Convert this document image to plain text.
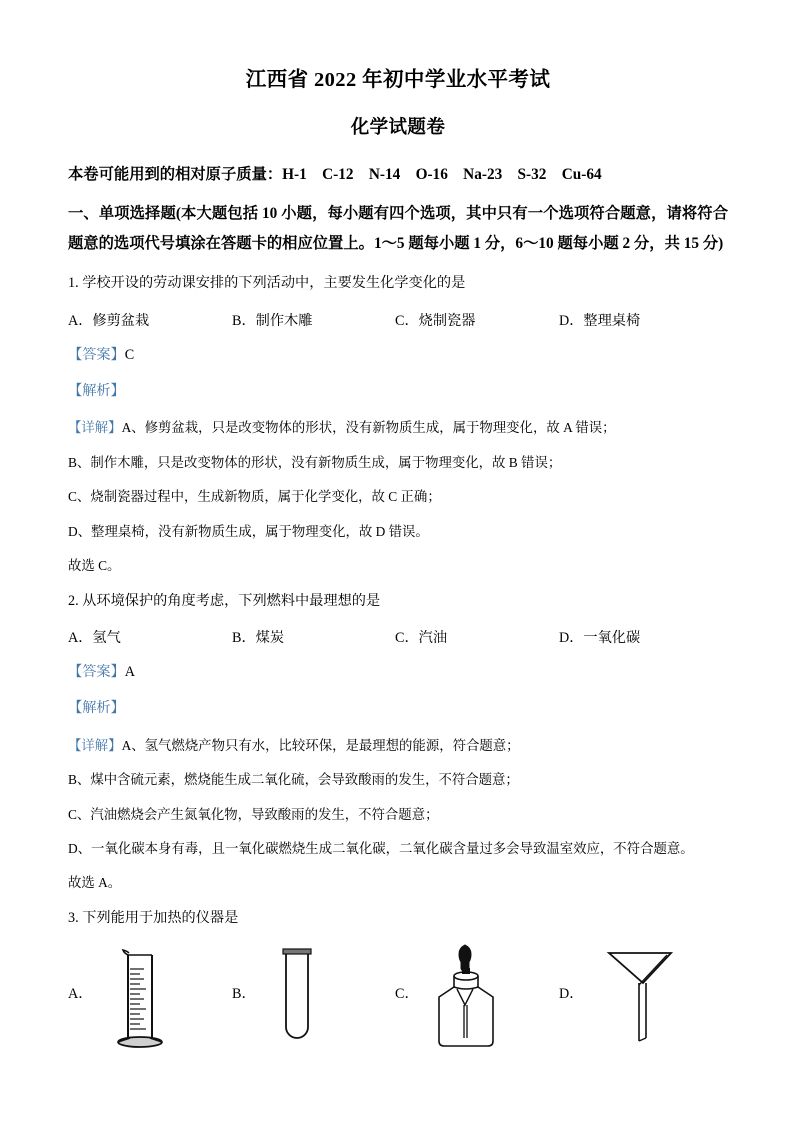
江西省 2022 年初中学业水平考试
化学试题卷

本卷可能用到的相对原子质量：H-1    C-12    N-14    O-16    Na-23    S-32    Cu-64

一、单项选择题(本大题包括 10 小题，每小题有四个选项，其中只有一个选项符合题意，请将符合题意的选项代号填涂在答题卡的相应位置上。1～5 题每小题 1 分，6～10 题每小题 2 分，共 15 分)

1. 学校开设的劳动课安排的下列活动中，主要发生化学变化的是

A．修剪盆栽	B．制作木雕	C．烧制瓷器	D．整理桌椅

【答案】C

【解析】

【详解】A、修剪盆栽，只是改变物体的形状，没有新物质生成，属于物理变化，故 A 错误；

B、制作木雕，只是改变物体的形状，没有新物质生成，属于物理变化，故 B 错误；

C、烧制瓷器过程中，生成新物质，属于化学变化，故 C 正确；

D、整理桌椅，没有新物质生成，属于物理变化，故 D 错误。

故选 C。

2. 从环境保护的角度考虑，下列燃料中最理想的是

A．氢气	B．煤炭	C．汽油	D．一氧化碳

【答案】A

【解析】

【详解】A、氢气燃烧产物只有水，比较环保，是最理想的能源，符合题意；

B、煤中含硫元素，燃烧能生成二氧化硫，会导致酸雨的发生，不符合题意；

C、汽油燃烧会产生氮氧化物，导致酸雨的发生，不符合题意；

D、一氧化碳本身有毒，且一氧化碳燃烧生成二氧化碳，二氧化碳含量过多会导致温室效应，不符合题意。

故选 A。

3. 下列能用于加热的仪器是

A．	B．	C．	D．
